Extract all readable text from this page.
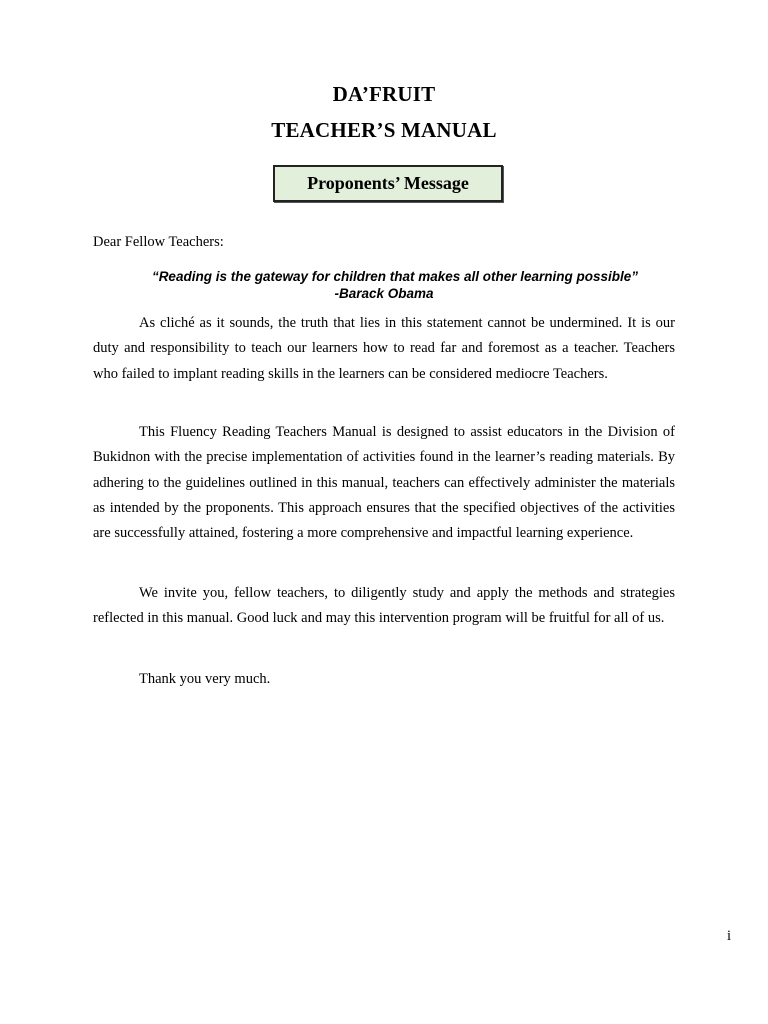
DA’FRUIT
TEACHER’S MANUAL
Proponents’ Message
Dear Fellow Teachers:
“Reading is the gateway for children that makes all other learning possible”
-Barack Obama

As cliché as it sounds, the truth that lies in this statement cannot be undermined. It is our duty and responsibility to teach our learners how to read far and foremost as a teacher. Teachers who failed to implant reading skills in the learners can be considered mediocre Teachers.

This Fluency Reading Teachers Manual is designed to assist educators in the Division of Bukidnon with the precise implementation of activities found in the learner’s reading materials. By adhering to the guidelines outlined in this manual, teachers can effectively administer the materials as intended by the proponents. This approach ensures that the specified objectives of the activities are successfully attained, fostering a more comprehensive and impactful learning experience.

We invite you, fellow teachers, to diligently study and apply the methods and strategies reflected in this manual. Good luck and may this intervention program will be fruitful for all of us.

Thank you very much.

i
